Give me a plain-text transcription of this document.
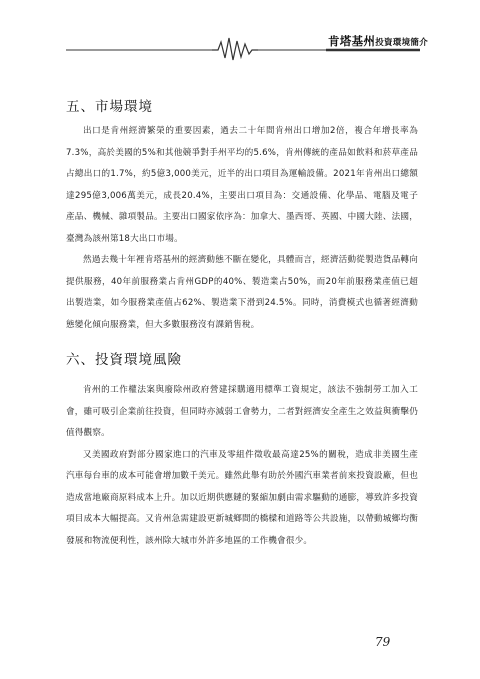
肯塔基州投資環境簡介
五、市場環境

出口是肯州經濟繁榮的重要因素，過去二十年間肯州出口增加2倍，複合年增長率為7.3%，高於美國的5%和其他競爭對手州平均的5.6%，肯州傳統的產品如飲料和菸草產品占總出口的1.7%，約5億3,000美元，近半的出口項目為運輸設備。2021年肯州出口總額達295億3,006萬美元，成長20.4%，主要出口項目為：交通設備、化學品、電腦及電子產品、機械、雜項製品。主要出口國家依序為：加拿大、墨西哥、英國、中國大陸、法國，臺灣為該州第18大出口市場。

然過去幾十年裡肯塔基州的經濟動態不斷在變化，具體而言，經濟活動從製造貨品轉向提供服務，40年前服務業占肯州GDP的40%、製造業占50%，而20年前服務業產值已超出製造業，如今服務業產值占62%、製造業下滑到24.5%。同時，消費模式也循著經濟動態變化傾向服務業，但大多數服務沒有課銷售稅。

六、投資環境風險

肯州的工作權法案與廢除州政府營建採購適用標準工資規定，該法不強制勞工加入工會，雖可吸引企業前往投資，但同時亦減弱工會勢力，二者對經濟安全產生之效益與衝擊仍值得觀察。

又美國政府對部分國家進口的汽車及零組件徵收最高達25%的關稅，造成非美國生產汽車每台車的成本可能會增加數千美元。雖然此舉有助於外國汽車業者前來投資設廠，但也造成當地廠商原料成本上升。加以近期供應鏈的緊縮加劇由需求驅動的通膨，導致許多投資項目成本大幅提高。又肯州急需建設更新城鄉間的橋樑和道路等公共設施，以帶動城鄉均衡發展和物流便利性，該州除大城市外許多地區的工作機會很少。

79
